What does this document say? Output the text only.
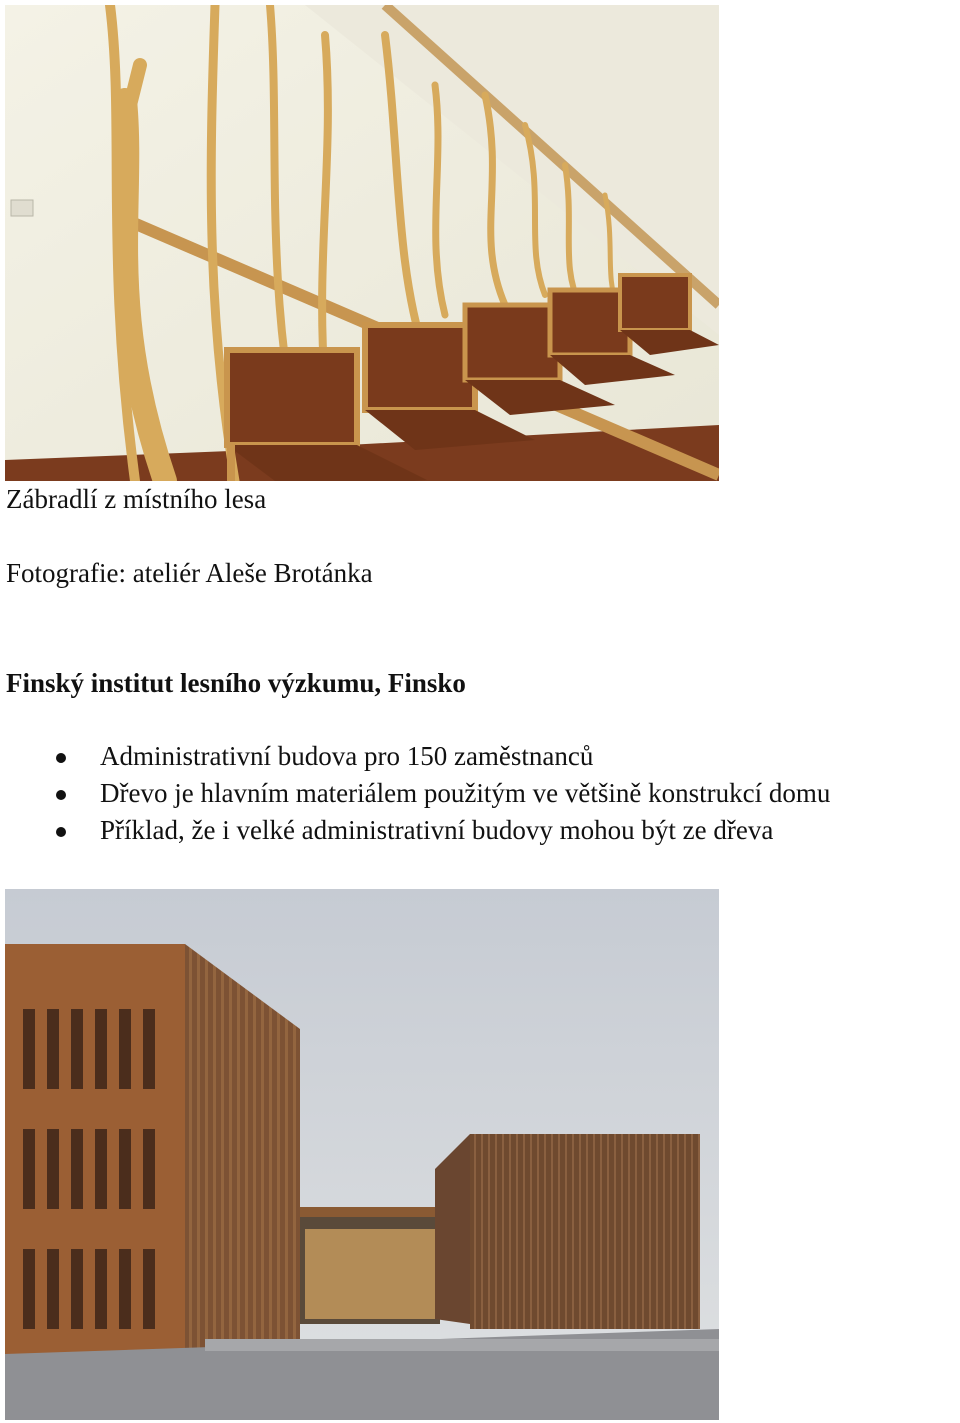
Zábradlí z místního lesa
Fotografie: ateliér Aleše Brotánka
Finský institut lesního výzkumu, Finsko
Administrativní budova pro 150 zaměstnanců
Dřevo je hlavním materiálem použitým ve většině konstrukcí domu
Příklad, že i velké administrativní budovy mohou být ze dřeva
